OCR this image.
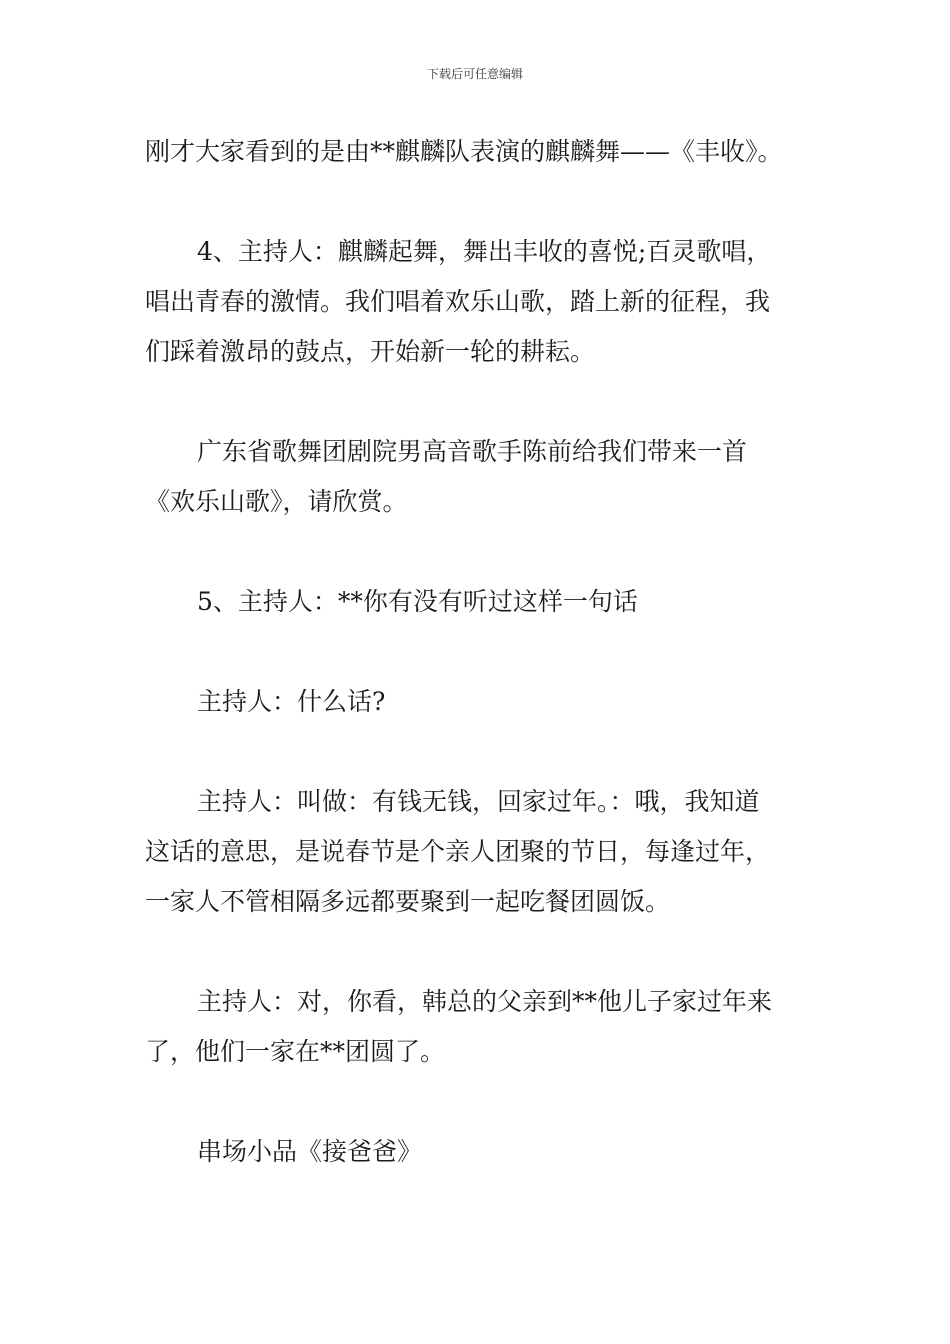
下载后可任意编辑
刚才大家看到的是由**麒麟队表演的麒麟舞——《丰收》。
4、主持人：麒麟起舞，舞出丰收的喜悦;百灵歌唱，
唱出青春的激情。我们唱着欢乐山歌，踏上新的征程，我
们踩着激昂的鼓点，开始新一轮的耕耘。
广东省歌舞团剧院男高音歌手陈前给我们带来一首
《欢乐山歌》，请欣赏。
5、主持人：**你有没有听过这样一句话
主持人：什么话?
主持人：叫做：有钱无钱，回家过年。：哦，我知道
这话的意思，是说春节是个亲人团聚的节日，每逢过年，
一家人不管相隔多远都要聚到一起吃餐团圆饭。
主持人：对，你看，韩总的父亲到**他儿子家过年来
了，他们一家在**团圆了。
串场小品《接爸爸》
